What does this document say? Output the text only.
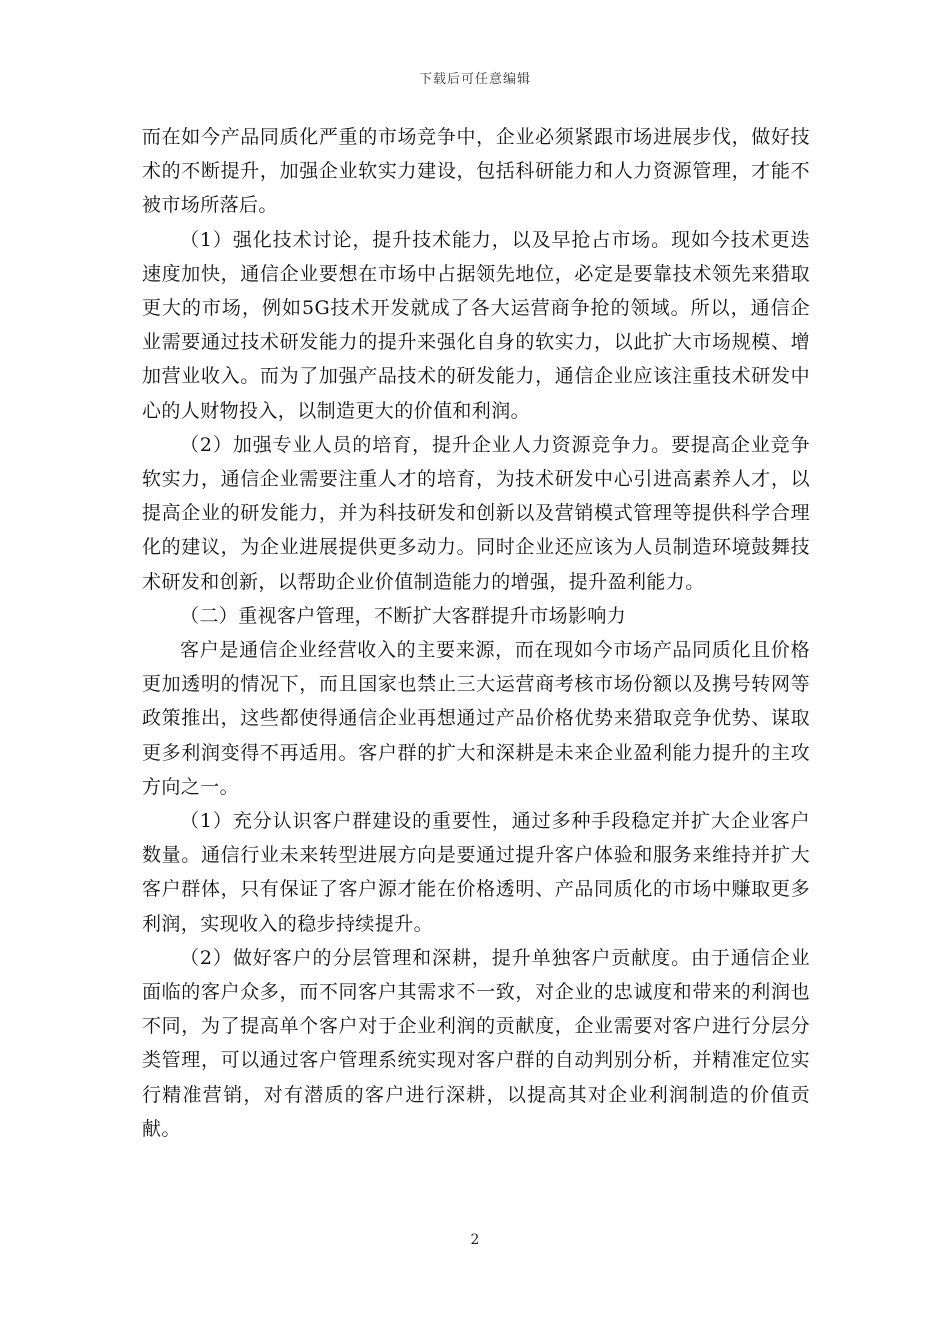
下载后可任意编辑

而在如今产品同质化严重的市场竞争中，企业必须紧跟市场进展步伐，做好技术的不断提升，加强企业软实力建设，包括科研能力和人力资源管理，才能不被市场所落后。

（1）强化技术讨论，提升技术能力，以及早抢占市场。现如今技术更迭速度加快，通信企业要想在市场中占据领先地位，必定是要靠技术领先来猎取更大的市场，例如5G技术开发就成了各大运营商争抢的领域。所以，通信企业需要通过技术研发能力的提升来强化自身的软实力，以此扩大市场规模、增加营业收入。而为了加强产品技术的研发能力，通信企业应该注重技术研发中心的人财物投入，以制造更大的价值和利润。

（2）加强专业人员的培育，提升企业人力资源竞争力。要提高企业竞争软实力，通信企业需要注重人才的培育，为技术研发中心引进高素养人才，以提高企业的研发能力，并为科技研发和创新以及营销模式管理等提供科学合理化的建议，为企业进展提供更多动力。同时企业还应该为人员制造环境鼓舞技术研发和创新，以帮助企业价值制造能力的增强，提升盈利能力。

（二）重视客户管理，不断扩大客群提升市场影响力

客户是通信企业经营收入的主要来源，而在现如今市场产品同质化且价格更加透明的情况下，而且国家也禁止三大运营商考核市场份额以及携号转网等政策推出，这些都使得通信企业再想通过产品价格优势来猎取竞争优势、谋取更多利润变得不再适用。客户群的扩大和深耕是未来企业盈利能力提升的主攻方向之一。

（1）充分认识客户群建设的重要性，通过多种手段稳定并扩大企业客户数量。通信行业未来转型进展方向是要通过提升客户体验和服务来维持并扩大客户群体，只有保证了客户源才能在价格透明、产品同质化的市场中赚取更多利润，实现收入的稳步持续提升。

（2）做好客户的分层管理和深耕，提升单独客户贡献度。由于通信企业面临的客户众多，而不同客户其需求不一致，对企业的忠诚度和带来的利润也不同，为了提高单个客户对于企业利润的贡献度，企业需要对客户进行分层分类管理，可以通过客户管理系统实现对客户群的自动判别分析，并精准定位实行精准营销，对有潜质的客户进行深耕，以提高其对企业利润制造的价值贡献。

2
